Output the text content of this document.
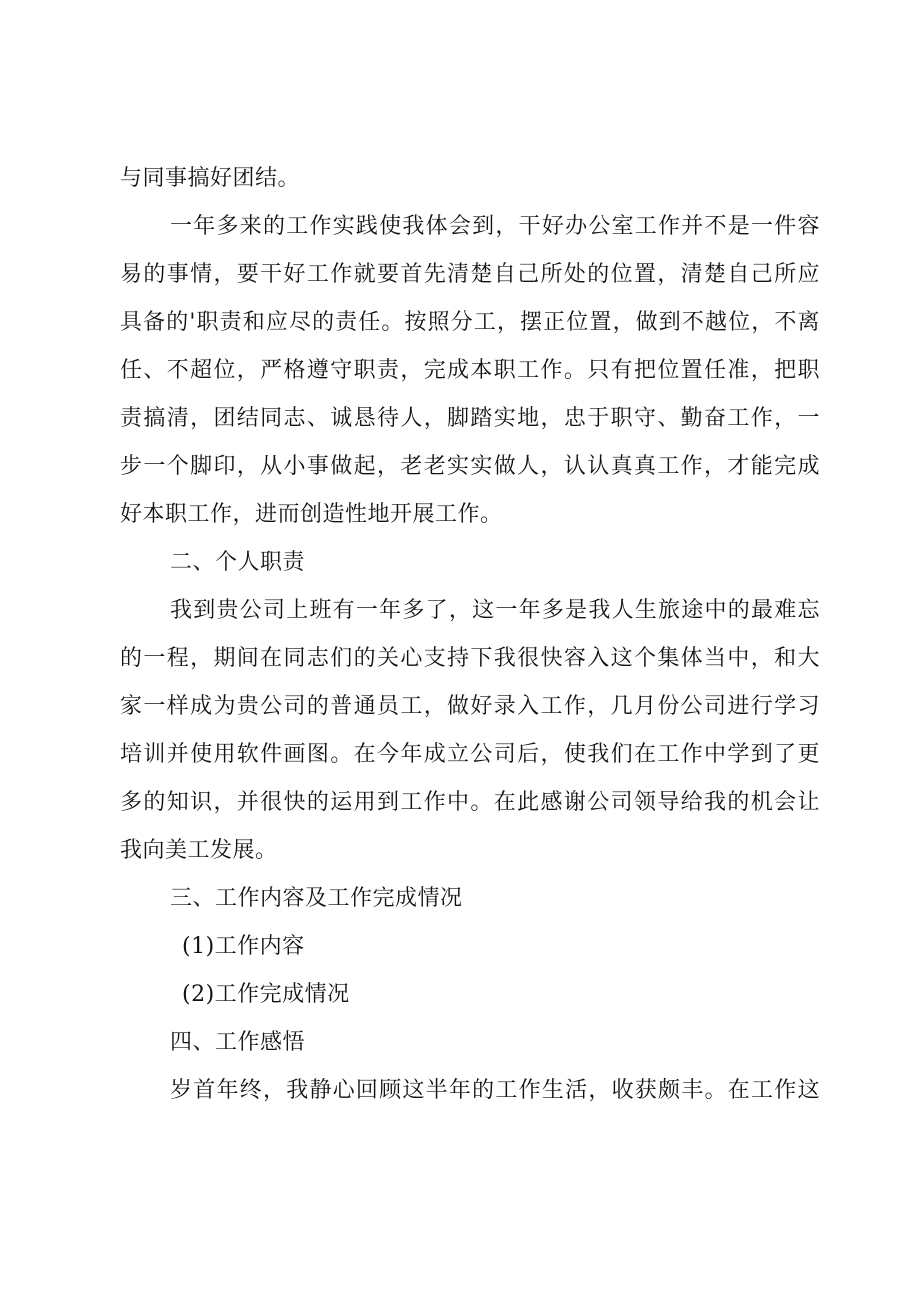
与同事搞好团结。
一年多来的工作实践使我体会到，干好办公室工作并不是一件容
易的事情，要干好工作就要首先清楚自己所处的位置，清楚自己所应
具备的'职责和应尽的责任。按照分工，摆正位置，做到不越位，不离
任、不超位，严格遵守职责，完成本职工作。只有把位置任准，把职
责搞清，团结同志、诚恳待人，脚踏实地，忠于职守、勤奋工作，一
步一个脚印，从小事做起，老老实实做人，认认真真工作，才能完成
好本职工作，进而创造性地开展工作。
二、个人职责
我到贵公司上班有一年多了，这一年多是我人生旅途中的最难忘
的一程，期间在同志们的关心支持下我很快容入这个集体当中，和大
家一样成为贵公司的普通员工，做好录入工作，几月份公司进行学习
培训并使用软件画图。在今年成立公司后，使我们在工作中学到了更
多的知识，并很快的运用到工作中。在此感谢公司领导给我的机会让
我向美工发展。
三、工作内容及工作完成情况
(1)工作内容
(2)工作完成情况
四、工作感悟
岁首年终，我静心回顾这半年的工作生活，收获颇丰。在工作这
